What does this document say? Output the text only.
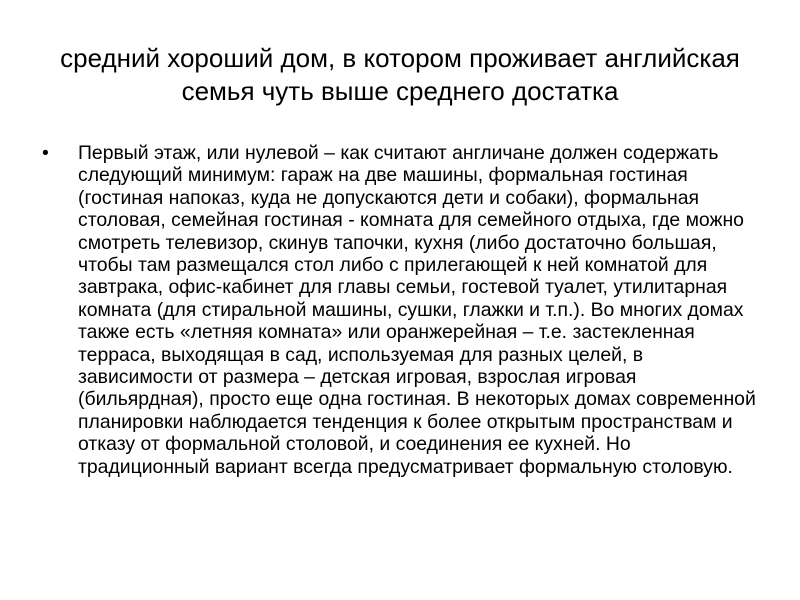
средний хороший дом, в котором проживает английская семья чуть выше среднего достатка
•	Первый этаж, или нулевой – как считают англичане должен содержать следующий минимум: гараж на две машины, формальная гостиная (гостиная напоказ, куда не допускаются дети и собаки), формальная столовая, семейная гостиная - комната для семейного отдыха, где можно смотреть телевизор, скинув тапочки, кухня (либо достаточно большая, чтобы там размещался стол либо с прилегающей к ней комнатой для завтрака, офис-кабинет для главы семьи, гостевой туалет, утилитарная комната (для стиральной машины, сушки, глажки и т.п.). Во многих домах также есть «летняя комната» или оранжерейная – т.е. застекленная терраса, выходящая в сад, используемая для разных целей, в зависимости от размера – детская игровая, взрослая игровая (бильярдная), просто еще одна гостиная. В некоторых домах современной планировки наблюдается тенденция к более открытым пространствам и отказу от формальной столовой, и соединения ее кухней. Но традиционный вариант всегда предусматривает формальную столовую.
